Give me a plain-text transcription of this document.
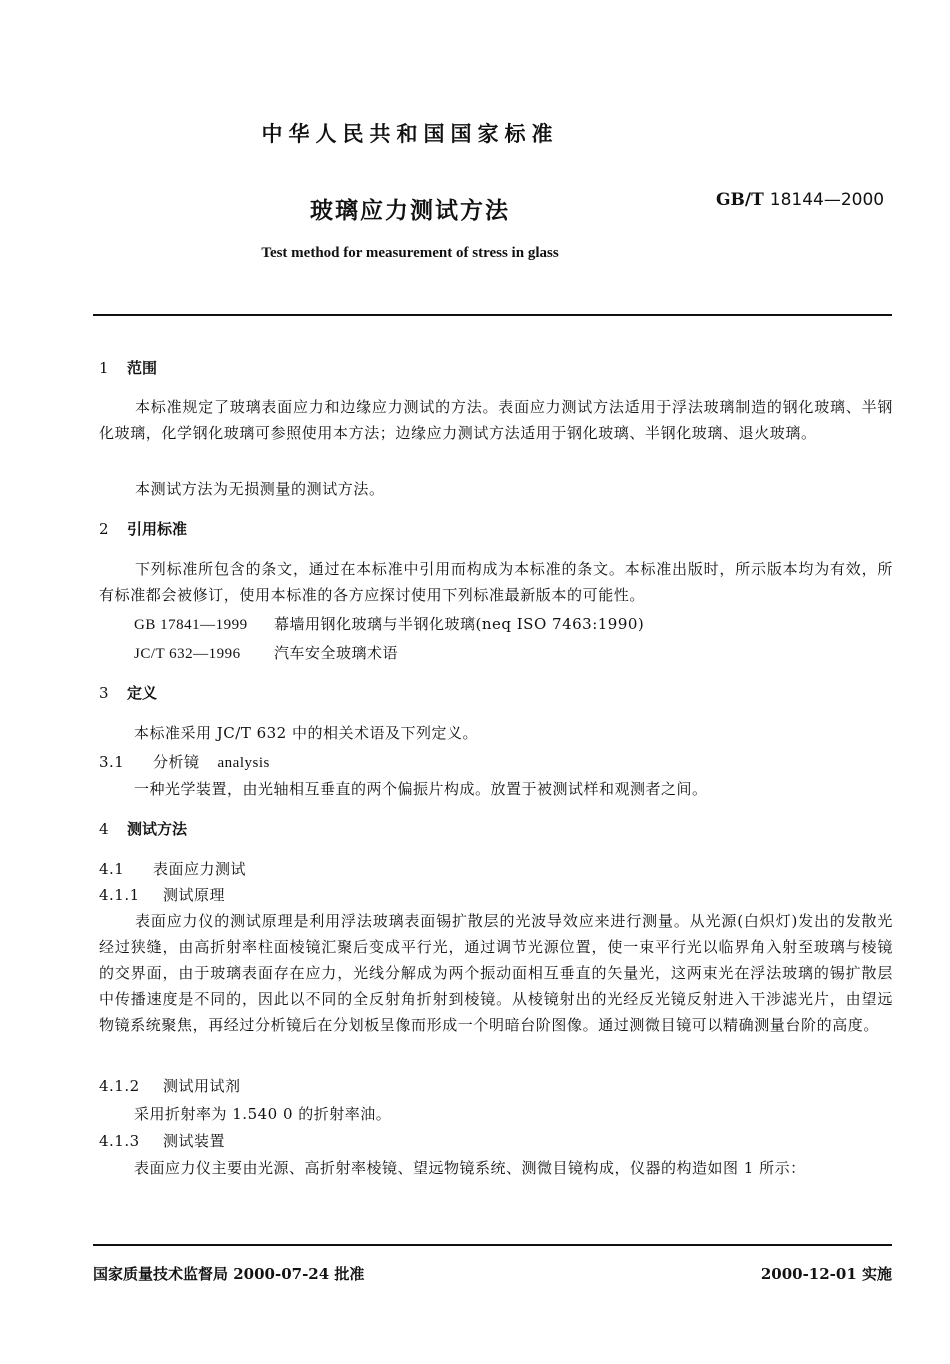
中华人民共和国国家标准
玻璃应力测试方法	GB/T 18144—2000
Test method for measurement of stress in glass
1 范围

本标准规定了玻璃表面应力和边缘应力测试的方法。表面应力测试方法适用于浮法玻璃制造的钢化玻璃、半钢化玻璃，化学钢化玻璃可参照使用本方法；边缘应力测试方法适用于钢化玻璃、半钢化玻璃、退火玻璃。

本测试方法为无损测量的测试方法。

2 引用标准

下列标准所包含的条文，通过在本标准中引用而构成为本标准的条文。本标准出版时，所示版本均为有效，所有标准都会被修订，使用本标准的各方应探讨使用下列标准最新版本的可能性。

GB 17841—1999 幕墙用钢化玻璃与半钢化玻璃(neq ISO 7463:1990)
JC/T 632—1996 汽车安全玻璃术语
3 定义
本标准采用 JC/T 632 中的相关术语及下列定义。
3.1 分析镜 analysis
一种光学装置，由光轴相互垂直的两个偏振片构成。放置于被测试样和观测者之间。
4 测试方法
4.1 表面应力测试
4.1.1 测试原理

表面应力仪的测试原理是利用浮法玻璃表面锡扩散层的光波导效应来进行测量。从光源(白炽灯)发出的发散光经过狭缝，由高折射率柱面棱镜汇聚后变成平行光，通过调节光源位置，使一束平行光以临界角入射至玻璃与棱镜的交界面，由于玻璃表面存在应力，光线分解成为两个振动面相互垂直的矢量光，这两束光在浮法玻璃的锡扩散层中传播速度是不同的，因此以不同的全反射角折射到棱镜。从棱镜射出的光经反光镜反射进入干涉滤光片，由望远物镜系统聚焦，再经过分析镜后在分划板呈像而形成一个明暗台阶图像。通过测微目镜可以精确测量台阶的高度。

4.1.2 测试用试剂
采用折射率为 1.540 0 的折射率油。
4.1.3 测试装置
表面应力仪主要由光源、高折射率棱镜、望远物镜系统、测微目镜构成，仪器的构造如图 1 所示：
国家质量技术监督局 2000-07-24 批准	2000-12-01 实施
